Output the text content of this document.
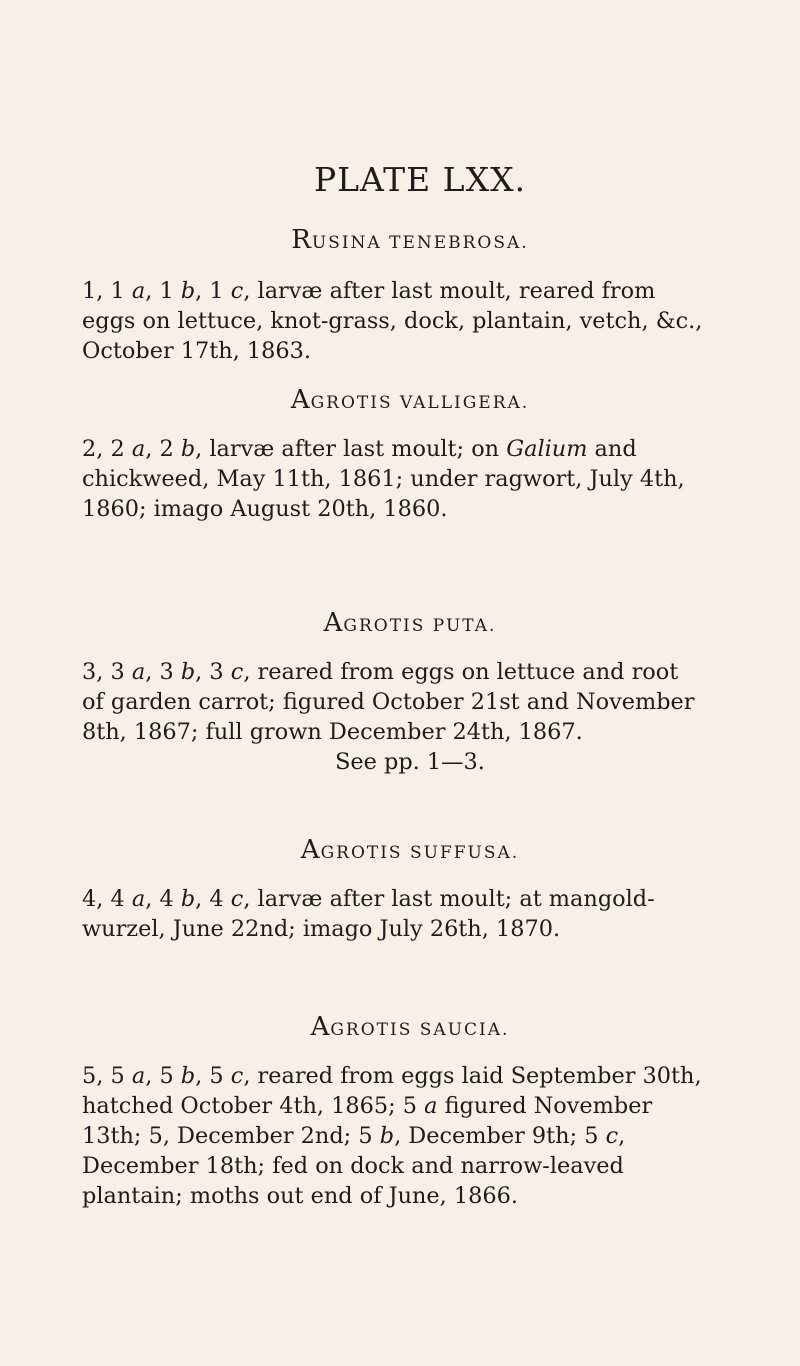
PLATE LXX.
RUSINA TENEBROSA.

1, 1 a, 1 b, 1 c, larvæ after last moult, reared from

eggs on lettuce, knot-grass, dock, plantain, vetch, &c.,

October 17th, 1863.

AGROTIS VALLIGERA.

2, 2 a, 2 b, larvæ after last moult; on Galium and

chickweed, May 11th, 1861; under ragwort, July 4th,

1860; imago August 20th, 1860.

AGROTIS PUTA.

3, 3 a, 3 b, 3 c, reared from eggs on lettuce and root

of garden carrot; figured October 21st and November

8th, 1867; full grown December 24th, 1867.

See pp. 1—3.

AGROTIS SUFFUSA.

4, 4 a, 4 b, 4 c, larvæ after last moult; at mangold-

wurzel, June 22nd; imago July 26th, 1870.

AGROTIS SAUCIA.

5, 5 a, 5 b, 5 c, reared from eggs laid September 30th,

hatched October 4th, 1865; 5 a figured November

13th; 5, December 2nd; 5 b, December 9th; 5 c,

December 18th; fed on dock and narrow-leaved

plantain; moths out end of June, 1866.
